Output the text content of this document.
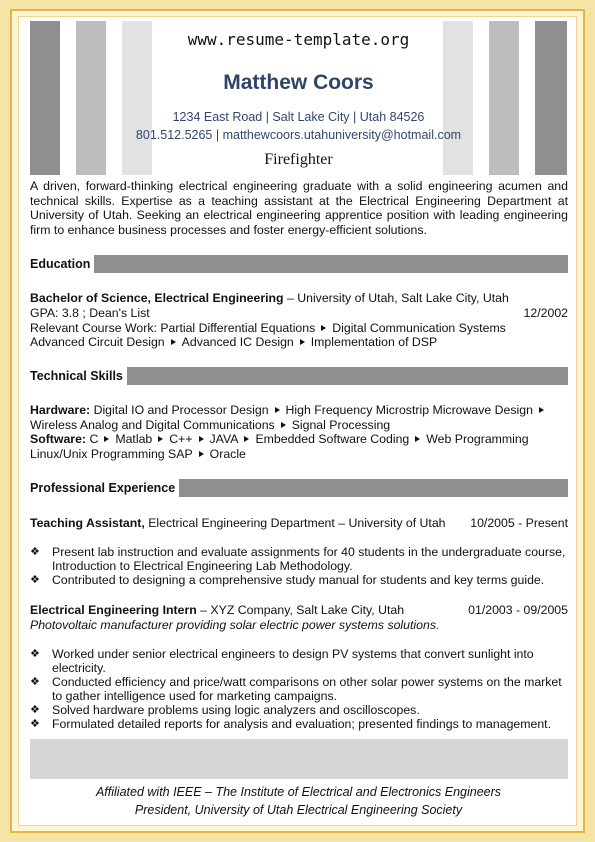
www.resume-template.org
Matthew Coors
1234 East Road | Salt Lake City | Utah 84526
801.512.5265 | matthewcoors.utahuniversity@hotmail.com
Firefighter
A driven, forward-thinking electrical engineering graduate with a solid engineering acumen and technical skills. Expertise as a teaching assistant at the Electrical Engineering Department at University of Utah. Seeking an electrical engineering apprentice position with leading engineering firm to enhance business processes and foster energy-efficient solutions.
Education
Bachelor of Science, Electrical Engineering – University of Utah, Salt Lake City, Utah
GPA: 3.8 ; Dean's List	12/2002
Relevant Course Work: Partial Differential Equations Digital Communication Systems
Advanced Circuit Design Advanced IC Design Implementation of DSP
Technical Skills
Hardware: Digital IO and Processor Design High Frequency Microstrip Microwave Design
Wireless Analog and Digital Communications Signal Processing
Software: C Matlab C++ JAVA Embedded Software Coding Web Programming
Linux/Unix Programming SAP Oracle
Professional Experience
Teaching Assistant, Electrical Engineering Department – University of Utah 10/2005 - Present
❖ Present lab instruction and evaluate assignments for 40 students in the undergraduate course, Introduction to Electrical Engineering Lab Methodology.
❖ Contributed to designing a comprehensive study manual for students and key terms guide.
Electrical Engineering Intern – XYZ Company, Salt Lake City, Utah	01/2003 - 09/2005
Photovoltaic manufacturer providing solar electric power systems solutions.
❖ Worked under senior electrical engineers to design PV systems that convert sunlight into electricity.
❖ Conducted efficiency and price/watt comparisons on other solar power systems on the market to gather intelligence used for marketing campaigns.
❖ Solved hardware problems using logic analyzers and oscilloscopes.
❖ Formulated detailed reports for analysis and evaluation; presented findings to management.
Affiliated with IEEE – The Institute of Electrical and Electronics Engineers
President, University of Utah Electrical Engineering Society
